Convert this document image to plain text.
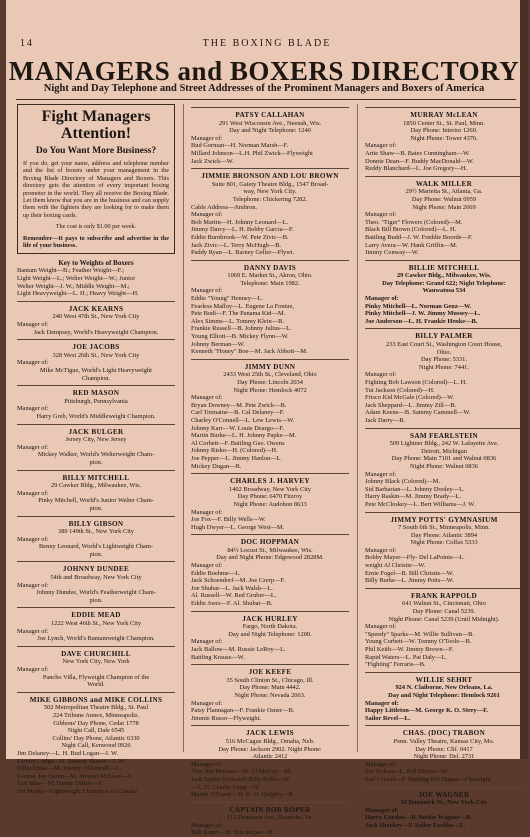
14	THE BOXING BLADE
MANAGERS and BOXERS DIRECTORY
Night and Day Telephone and Street Addresses of the Prominent Managers and Boxers of America
Fight Managers
Attention!
Do You Want More Business?

If you do, get your name, address and telephone number and the list of boxers under your management in the Boxing Blade Directory of Managers and Boxers. This directory gets the attention of every important boxing promoter in the world. They all receive the Boxing Blade. Let them know that you are in the business and can supply them with the fighters they are looking for to make them up their boxing cards.

The cost is only $1.00 per week.

Remember—It pays to subscribe and advertise in the life of your business.

Key to Weights of Boxers
Bantam Weight—B.; Feather Weight—F.;
Light Weight—L.; Welter Weight—W.; Junior
Welter Weight—J. W.; Middle Weight—M.;
Light Heavyweight—L. H.; Heavy Weight—H.
JACK KEARNS
240 West 47th St., New York City
Manager of:
Jack Dempsey, World's Heavyweight Champion.
JOE JACOBS
328 West 26th St., New York City
Manager of:
Mike McTigue, World's Light Heavyweight
Champion.
RED MASON
Pittsburgh, Pennsylvania
Manager of:
Harry Greb, World's Middleweight Champion.
JACK BULGER
Jersey City, New Jersey
Manager of:
Mickey Walker, World's Welterweight Cham-
pion.
BILLY MITCHELL
29 Cawker Bldg., Milwaukee, Wis.
Manager of:
Pinky Mitchell, World's Junior Welter Cham-
pion.
BILLY GIBSON
389 149th St., New York City
Manager of:
Benny Leonard, World's Lightweight Cham-
pion.
JOHNNY DUNDEE
54th and Broadway, New York City
Manager of:
Johnny Dundee, World's Featherweight Cham-
pion.
EDDIE MEAD
1222 West 46th St., New York City
Manager of:
Joe Lynch, World's Bantamweight Champion.
DAVE CHURCHILL
New York City, New York
Manager of:
Pancho Villa, Flyweight Champion of the
World.
MIKE GIBBONS and MIKE COLLINS
502 Metropolitan Theatre Bldg., St. Paul
224 Tribune Annex, Minneapolis.
Gibbons' Day Phone, Cedar 1778
Night Call, Dale 6545
Collins' Day Phone, Atlantic 6330
Night Call, Kenwood 0926
Jim Delaney—L. H. Bud Logan—J. W.
Farmer Lodge—H. Sammy Shaeer—J. W.
Billie Emke—M. Johnny O'Donnell—L.
Gunner Joe Quinn—M. Stewart McLean—F.
Earl Blue—M. Dandy Dillon—F.
Sid Marks—Lightweight Champion of Canada
PATSY CALLAHAN
291 West Wisconsin Ave., Neenah, Wis.
Day and Night Telephone: 1240
Manager of:
Bud Gorman—H. Norman Marsh—F.
Millard Johnson—L.H. Phil Zwick—Flyweight
Jack Zwick—W.
JIMMIE BRONSON AND LOU BROWN
Suite 801, Gaiety Theatre Bldg., 1547 Broad-
way, New York City.
Telephone: Chickering 7282.
Cable Address—Jimbron.
Manager of:
Bob Martin—H. Johnny Leonard—L.
Jimmy Darcy—L. H. Bobby Garcia—F.
Eddie Burnbrook—W. Pete Zivic—B.
Jack Zivic—L. Terry McHugh—B.
Paddy Ryan—L. Barney Geller—Flywt.
DANNY DAVIS
1069 E. Market St., Akron, Ohio.
Telephone: Main 1982.
Manager of:
Eddie "Young" Henney—L.
Fearless Malloy—L. Eugene La Fontue,
Pete Bodi—F. The Panama Kid—M.
Alex Simms—L. Tommy Klein—B.
Frankie Russell—B. Johnny Julius—L.
Young Elliott—B. Mickey Flynn—W.
Johnny Berman—W.
Kenneth "Honey" Boe—M. Jack Abbott—M.
JIMMY DUNN
2433 West 25th St., Cleveland, Ohio
Day Phone: Lincoln 2034
Night Phone: Hemlock 4072
Manager of:
Bryan Downey—M. Pete Zwick—B.
Carl Tremaine—B. Cal Delaney—F.
Charley O'Connell—L. Lew Lewis—W.
Johnny Karr—W. Louie Deargo—F.
Martin Burke—L. H. Johnny Papke—M.
Al Corbett—F. Battling Geo. Owens
Johnny Risko—H. (Colored)—H.
Joe Pepper—L. Jimmy Hanlon—L.
Mickey Dugan—B.
CHARLES J. HARVEY
1402 Broadway, New York City
Day Phone: 6470 Fitzroy
Night Phone: Audobon 8633
Manager of:
Joe Fox—F. Billy Wells—W.
Hugh Dwyer—L. George West—M.
DOC HOPPMAN
84½ Locust St., Milwaukee, Wis.
Day and Night Phone: Edgewood 2828M.
Manager of:
Eddie Boehme—L.
Jack Schoendorf—M. Joe Czerp—F.
Joe Shubat—L. Jack Walsh—L.
Al. Russell—W. Red Gruber—L.
Eddie Joers—F. Al. Shubat—B.
JACK HURLEY
Fargo, North Dakota.
Day and Night Telephone: 1200.
Manager of:
Jack Ballow—M. Russie LeRoy—L.
Battling Krause—W.
JOE KEEFE
35 South Clinton St., Chicago, Ill.
Day Phone: Main 4442.
Night Phone: Nevada 2063.
Manager of:
Patsy Flannagan—F. Frankie Osner—B.
Jimmie Russo—Flyweight.
JACK LEWIS
516 McCague Bldg., Omaha, Neb.
Day Phone: Jackson 2902. Night Phone:
Atlantic 2412
Manager of:
Tiny Jim Herman—M. Al McCoy—M.
Jack Taylor (Colored) Billy Rolfe—W.
—L. H. Charlie Long—W.
Martin O'Grady—H. K. O. Quigley—B.
CAPTAIN BOB ROPER
113 Dennison Ave., Roanoke, Va.
Manager of:
Bob Roper—H. Tom Roper—H.
MURRAY McLEAN
1850 Center St., St. Paul, Minn.
Day Phone: Interior 1260.
Night Phone: Tower 4376.
Manager of:
Artie Shaw—B. Bates Cunningham—W.
Donnie Dean—F. Buddy MacDonald—W.
Reddy Blanchard—L. Joe Gregory—H.
WALK MILLER
29½ Marietta St., Atlanta, Ga.
Day Phone: Walnut 0959
Night Phone: Main 2669
Manager of:
Theo. "Tiger" Flowers (Colored)—M.
Black Bill Brown (Colored)—L. H.
Battling Budd—J. W. Freddie Boorde—F.
Larry Avera—W. Hank Griffin—M.
Jimmy Conway—W.
BILLIE MITCHELL
29 Cawker Bldg., Milwaukee, Wis.
Day Telephone: Grand 622; Night Telephone:
Wauwatosa 534
Manager of:
Pinky Mitchell—L. Norman Genz—W.
Pinky Mitchell—J. W. Jimmy Mussey—L.
Joe Anderson—L. H. Frankie Henke—B.
BILLY PALMER
233 East Court St., Washington Court House,
Ohio.
Day Phone: 5331.
Night Phone: 7441.
Manager of:
Fighting Bob Lawson (Colored)—L. H.
Tut Jackson (Colored)—H.
Frisco Kid McGale (Colored)—W.
Jack Sheppard—L. Jimmy Zill—B.
Adam Keene—B. Sammy Cammell—W.
Jack Darry—B.
SAM FEARLSTEIN
509 Lightner Bldg., 242 W. Lafayette Ave.
Detroit, Michigan
Day Phone: Main 7101 and Walnut 0836
Night Phone: Walnut 0836
Manager of:
Johnny Black (Colored)—M.
Sid Barbarian—L. Johnny Dooley—L.
Harry Raskin—M. Jimmy Brady—L.
Pete McCloskey—L. Bert Williams—J. W.
JIMMY POTTS' GYMNASIUM
7 South 6th St., Minneapolis, Minn.
Day Phone: Atlantic 3894
Night Phone: Colfax 5333
Manager of:
Bobby Mayer—Fly- Del LaPointe—L.
weight Al Christie—W.
Ernie Fogel—B. Bill Christie—W.
Billy Burke—L. Jimmy Potts—W.
FRANK RAPPOLD
641 Walnut St., Cincinnati, Ohio
Day Phone: Canal 5239.
Night Phone: Canal 5239 (Until Midnight).
Manager of:
"Speedy" Sparks—M. Willie Sullivan—B.
Young Corbett—W. Tommy O'Toole—B.
Phil Keith—W. Jimmy Brown—F.
Rapid Waters—L. Pat Daly—L.
"Fighting" Ferraris—B.
WILLIE SEHRT
924 N. Claiborne, New Orleans, La.
Day and Night Telephone: Hemlock 9261
Manager of:
Happy Littleton—M. George K. O. Strey—F.
Sailor Revel—L.
CHAS. (DOC) TRABON
Penn. Valley Theatre, Kansas City, Mo.
Day Phone: Clif. 0417
Night Phone: Del. 2731
Manager of:
Joe Trabon—L. Kid Divers—W.
Earl Criscel—F. Battling Kid Dugan—Flyweight
JOE WAGNER
36 Dominick St., New York City
Manager of:
Harry Gordon—B. Bobby Wagner—B.
Jack Sharkey—F. Sailor Pacillio—L.
